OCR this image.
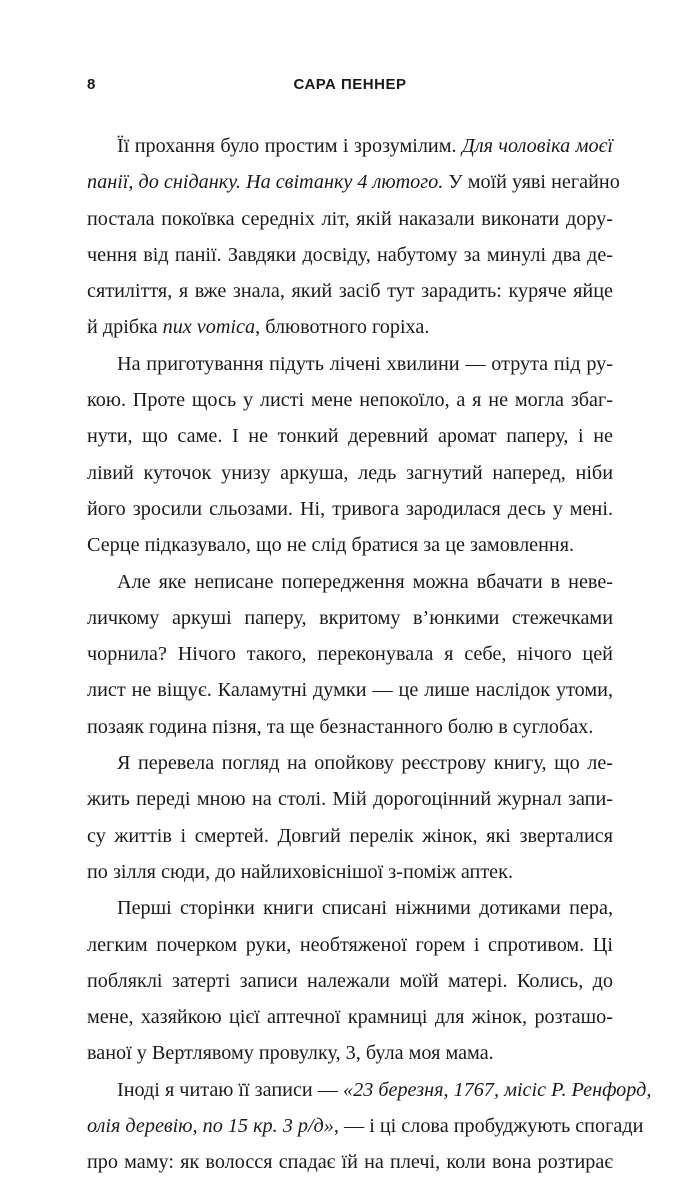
8	САРА ПЕННЕР
Її прохання було простим і зрозумілим. Для чоловіка моєї
панії, до сніданку. На світанку 4 лютого. У моїй уяві негайно
постала покоївка середніх літ, якій наказали виконати дору-
чення від панії. Завдяки досвіду, набутому за минулі два де-
сятиліття, я вже знала, який засіб тут зарадить: куряче яйце
й дрібка nux vomica, блювотного горіха.
На приготування підуть лічені хвилини — отрута під ру-
кою. Проте щось у листі мене непокоїло, а я не могла збаг-
нути, що саме. І не тонкий деревний аромат паперу, і не
лівий куточок унизу аркуша, ледь загнутий наперед, ніби
його зросили сльозами. Ні, тривога зародилася десь у мені.
Серце підказувало, що не слід братися за це замовлення.
Але яке неписане попередження можна вбачати в неве-
личкому аркуші паперу, вкритому в’юнкими стежечками
чорнила? Нічого такого, переконувала я себе, нічого цей
лист не віщує. Каламутні думки — це лише наслідок утоми,
позаяк година пізня, та ще безнастанного болю в суглобах.
Я перевела погляд на опойкову реєстрову книгу, що ле-
жить переді мною на столі. Мій дорогоцінний журнал запи-
су життів і смертей. Довгий перелік жінок, які зверталися
по зілля сюди, до найлиховіснішої з-поміж аптек.
Перші сторінки книги списані ніжними дотиками пера,
легким почерком руки, необтяженої горем і спротивом. Ці
побляклі затерті записи належали моїй матері. Колись, до
мене, хазяйкою цієї аптечної крамниці для жінок, розташо-
ваної у Вертлявому провулку, 3, була моя мама.
Іноді я читаю її записи — «23 березня, 1767, місіс Р. Ренфорд,
олія деревію, по 15 кр. 3 р/д», — і ці слова пробуджують спогади
про маму: як волосся спадає їй на плечі, коли вона розтирає
